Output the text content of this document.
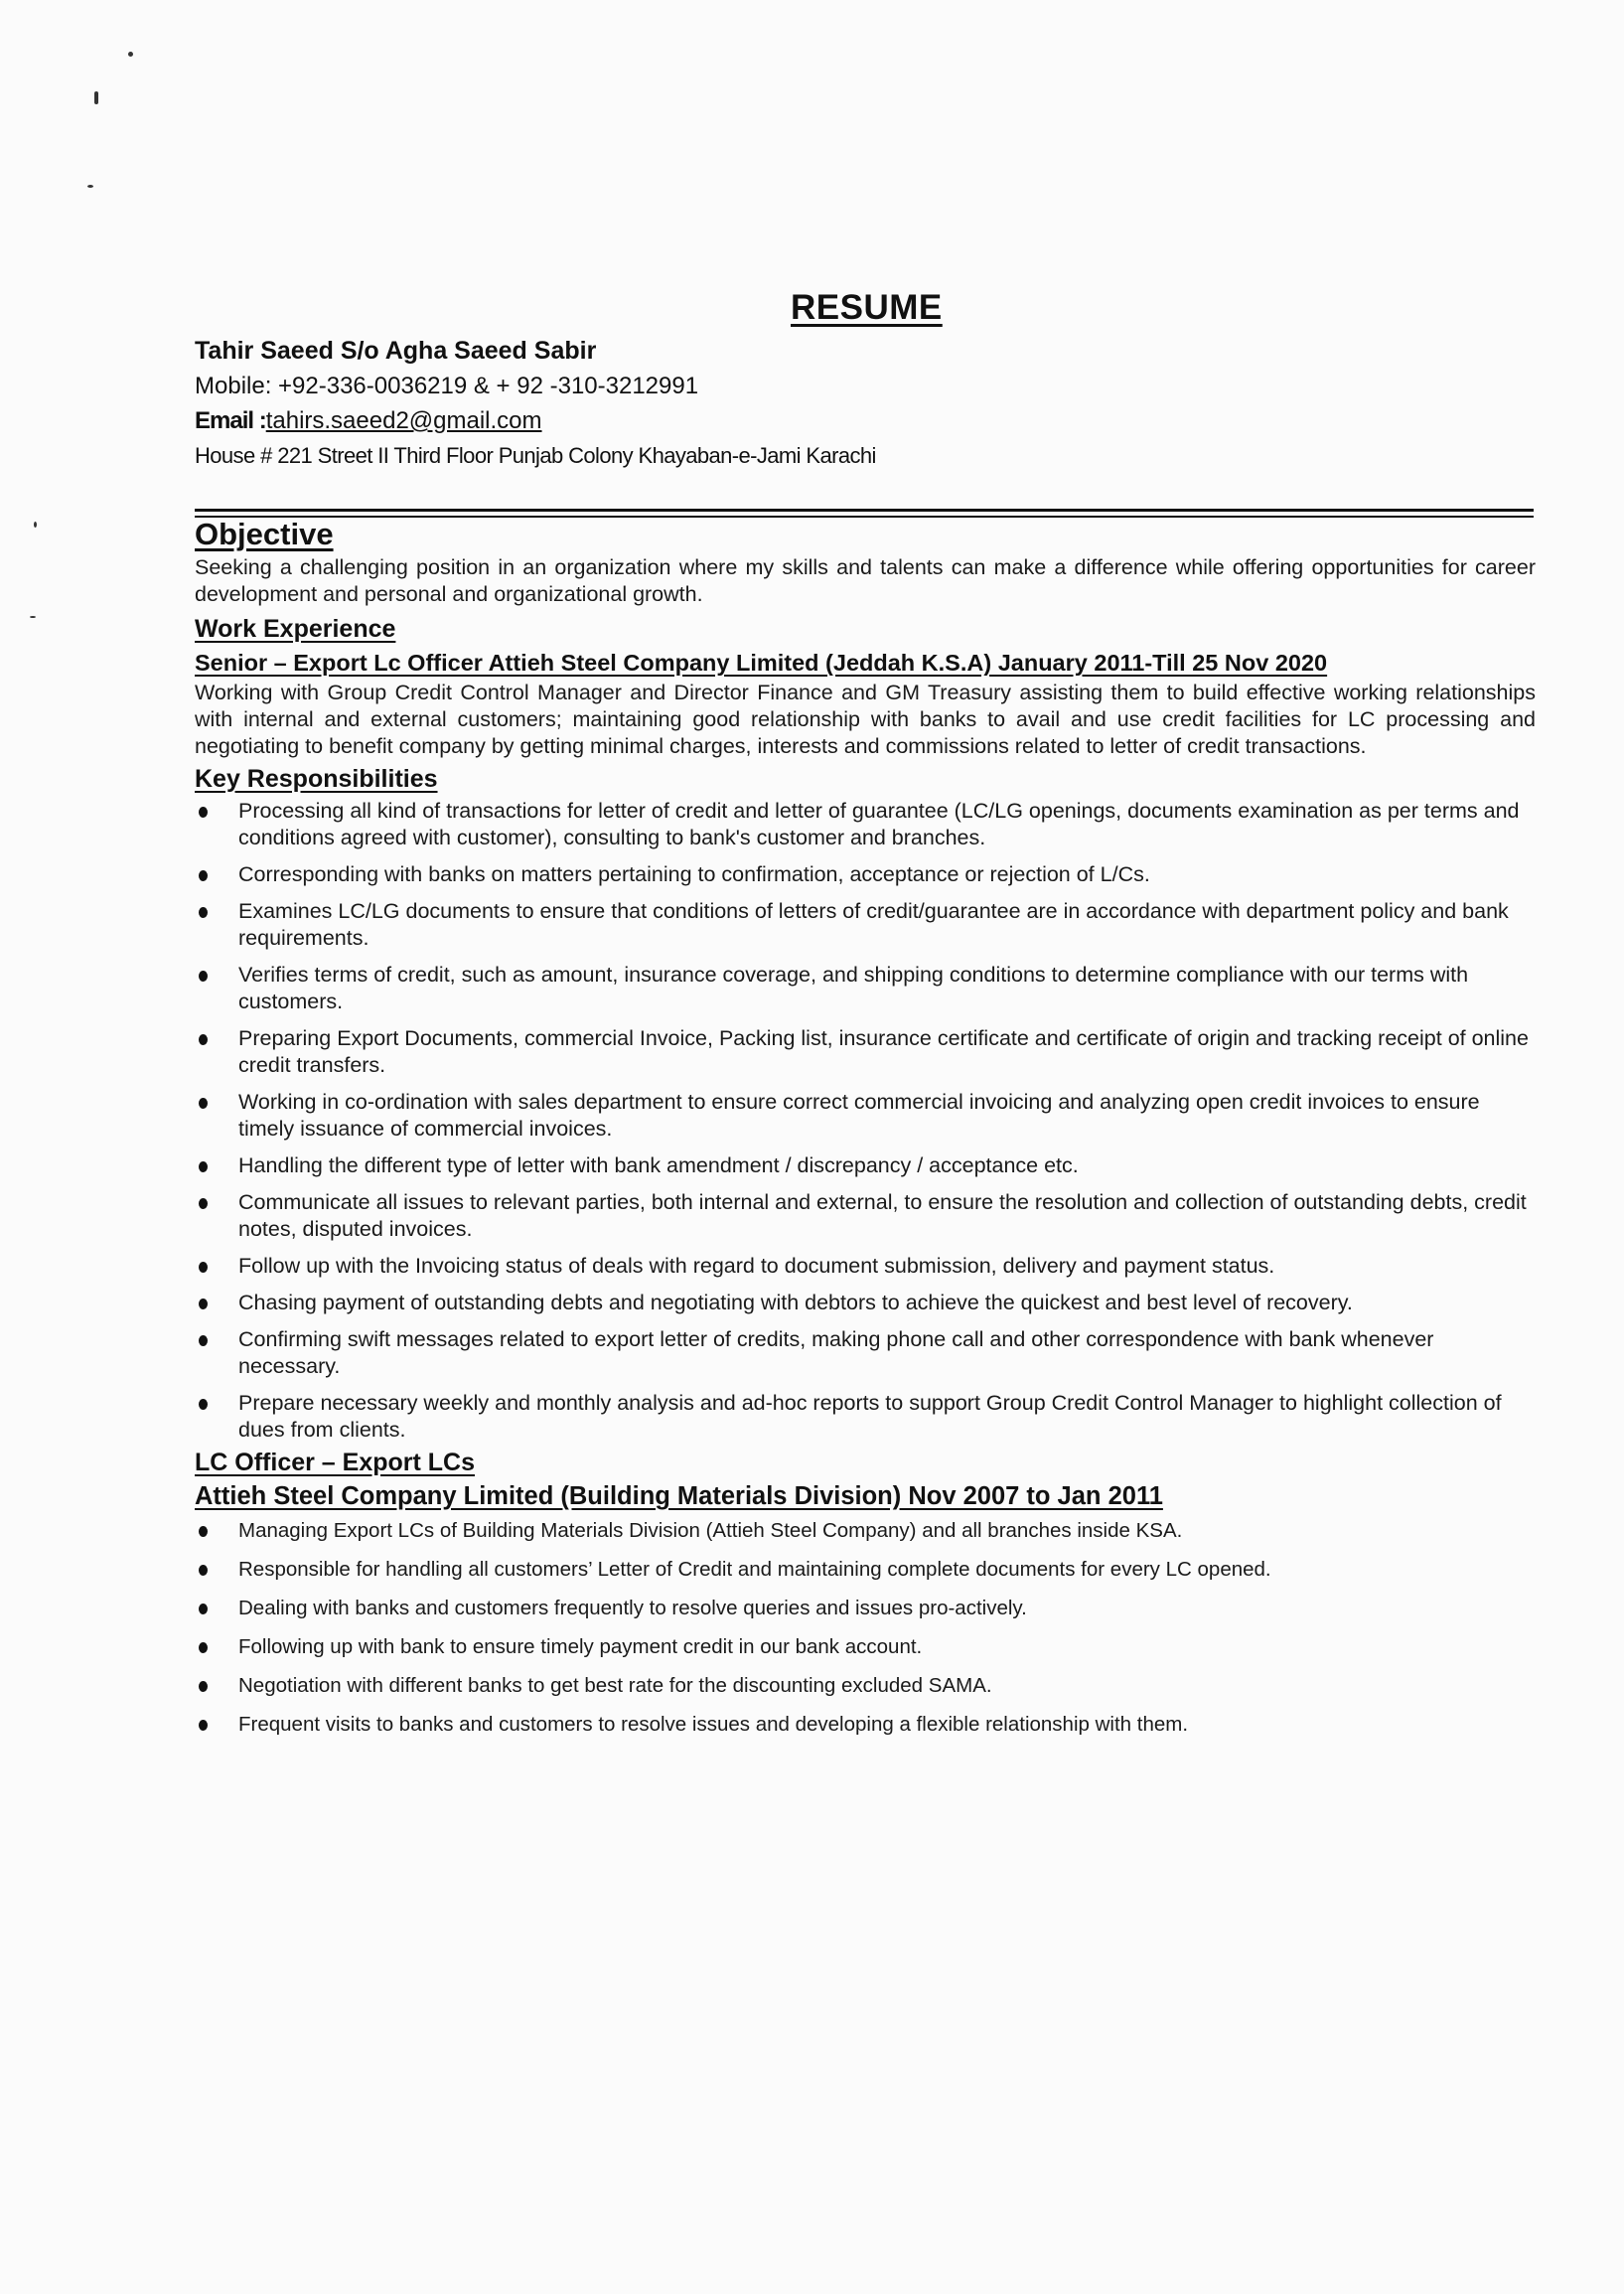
RESUME
Tahir Saeed S/o Agha Saeed Sabir
Mobile: +92-336-0036219 & + 92 -310-3212991
Email :tahirs.saeed2@gmail.com
House # 221 Street II Third Floor Punjab Colony Khayaban-e-Jami Karachi
Objective

Seeking a challenging position in an organization where my skills and talents can make a difference while offering opportunities for career development and personal and organizational growth.

Work Experience
Senior – Export Lc Officer Attieh Steel Company Limited (Jeddah K.S.A) January 2011-Till 25 Nov 2020

Working with Group Credit Control Manager and Director Finance and GM Treasury assisting them to build effective working relationships with internal and external customers; maintaining good relationship with banks to avail and use credit facilities for LC processing and negotiating to benefit company by getting minimal charges, interests and commissions related to letter of credit transactions.

Key Responsibilities
Processing all kind of transactions for letter of credit and letter of guarantee (LC/LG openings, documents examination as per terms and conditions agreed with customer), consulting to bank's customer and branches.
Corresponding with banks on matters pertaining to confirmation, acceptance or rejection of L/Cs.
Examines LC/LG documents to ensure that conditions of letters of credit/guarantee are in accordance with department policy and bank requirements.
Verifies terms of credit, such as amount, insurance coverage, and shipping conditions to determine compliance with our terms with customers.
Preparing Export Documents, commercial Invoice, Packing list, insurance certificate and certificate of origin and tracking receipt of online credit transfers.
Working in co-ordination with sales department to ensure correct commercial invoicing and analyzing open credit invoices to ensure timely issuance of commercial invoices.
Handling the different type of letter with bank amendment / discrepancy / acceptance etc.
Communicate all issues to relevant parties, both internal and external, to ensure the resolution and collection of outstanding debts, credit notes, disputed invoices.
Follow up with the Invoicing status of deals with regard to document submission, delivery and payment status.
Chasing payment of outstanding debts and negotiating with debtors to achieve the quickest and best level of recovery.
Confirming swift messages related to export letter of credits, making phone call and other correspondence with bank whenever necessary.
Prepare necessary weekly and monthly analysis and ad-hoc reports to support Group Credit Control Manager to highlight collection of dues from clients.
LC Officer – Export LCs
Attieh Steel Company Limited (Building Materials Division) Nov 2007 to Jan 2011
Managing Export LCs of Building Materials Division (Attieh Steel Company) and all branches inside KSA.
Responsible for handling all customers’ Letter of Credit and maintaining complete documents for every LC opened.
Dealing with banks and customers frequently to resolve queries and issues pro-actively.
Following up with bank to ensure timely payment credit in our bank account.
Negotiation with different banks to get best rate for the discounting excluded SAMA.
Frequent visits to banks and customers to resolve issues and developing a flexible relationship with them.
